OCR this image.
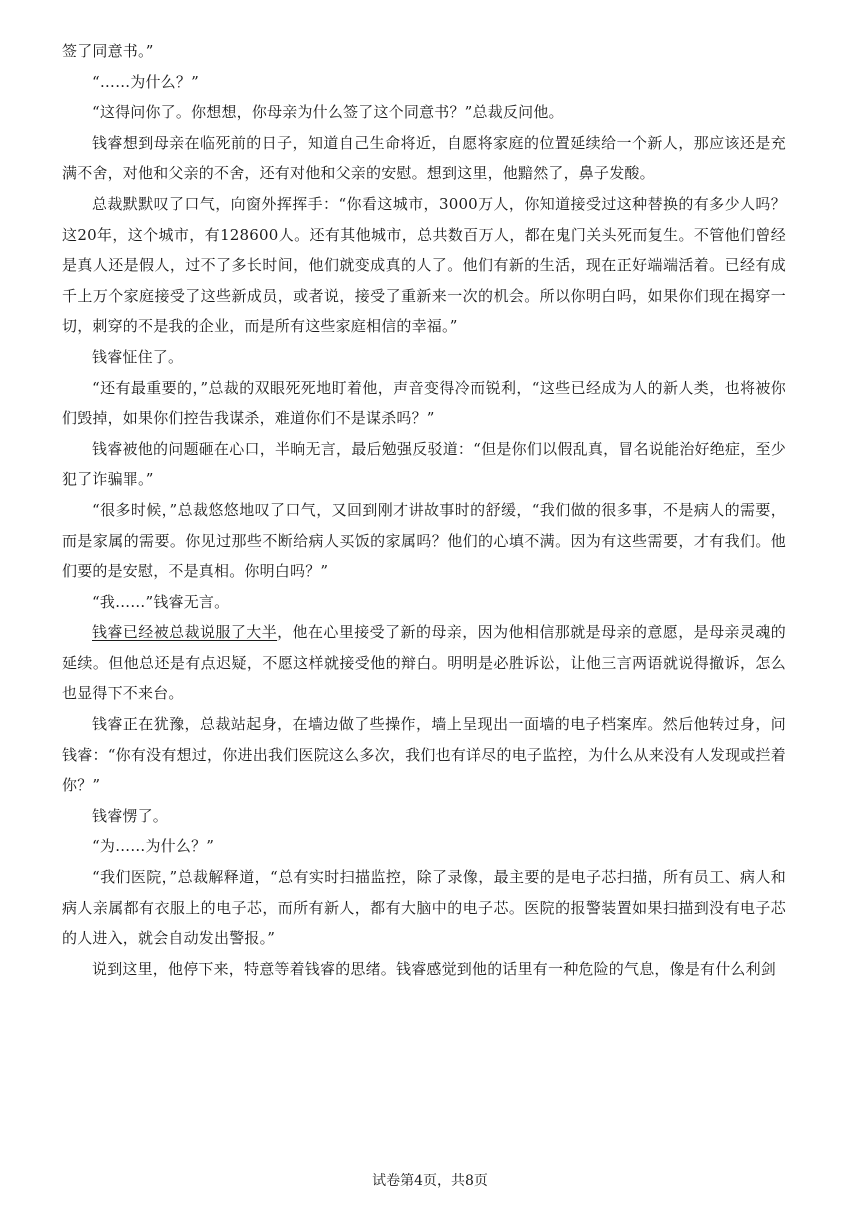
签了同意书。”

“……为什么？”

“这得问你了。你想想，你母亲为什么签了这个同意书？”总裁反问他。

钱睿想到母亲在临死前的日子，知道自己生命将近，自愿将家庭的位置延续给一个新人，那应该还是充满不舍，对他和父亲的不舍，还有对他和父亲的安慰。想到这里，他黯然了，鼻子发酸。

总裁默默叹了口气，向窗外挥挥手：“你看这城市，3000万人，你知道接受过这种替换的有多少人吗？这20年，这个城市，有128600人。还有其他城市，总共数百万人，都在鬼门关头死而复生。不管他们曾经是真人还是假人，过不了多长时间，他们就变成真的人了。他们有新的生活，现在正好端端活着。已经有成千上万个家庭接受了这些新成员，或者说，接受了重新来一次的机会。所以你明白吗，如果你们现在揭穿一切，刺穿的不是我的企业，而是所有这些家庭相信的幸福。”

钱睿怔住了。

“还有最重要的，”总裁的双眼死死地盯着他，声音变得冷而锐利，“这些已经成为人的新人类，也将被你们毁掉，如果你们控告我谋杀，难道你们不是谋杀吗？”

钱睿被他的问题砸在心口，半晌无言，最后勉强反驳道：“但是你们以假乱真，冒名说能治好绝症，至少犯了诈骗罪。”

“很多时候，”总裁悠悠地叹了口气，又回到刚才讲故事时的舒缓，“我们做的很多事，不是病人的需要，而是家属的需要。你见过那些不断给病人买饭的家属吗？他们的心填不满。因为有这些需要，才有我们。他们要的是安慰，不是真相。你明白吗？”

“我……”钱睿无言。

钱睿已经被总裁说服了大半，他在心里接受了新的母亲，因为他相信那就是母亲的意愿，是母亲灵魂的延续。但他总还是有点迟疑，不愿这样就接受他的辩白。明明是必胜诉讼，让他三言两语就说得撤诉，怎么也显得下不来台。

钱睿正在犹豫，总裁站起身，在墙边做了些操作，墙上呈现出一面墙的电子档案库。然后他转过身，问钱睿：“你有没有想过，你进出我们医院这么多次，我们也有详尽的电子监控，为什么从来没有人发现或拦着你？”

钱睿愣了。

“为……为什么？”

“我们医院，”总裁解释道，“总有实时扫描监控，除了录像，最主要的是电子芯扫描，所有员工、病人和病人亲属都有衣服上的电子芯，而所有新人，都有大脑中的电子芯。医院的报警装置如果扫描到没有电子芯的人进入，就会自动发出警报。”

说到这里，他停下来，特意等着钱睿的思绪。钱睿感觉到他的话里有一种危险的气息，像是有什么利剑

试卷第4页，共8页
